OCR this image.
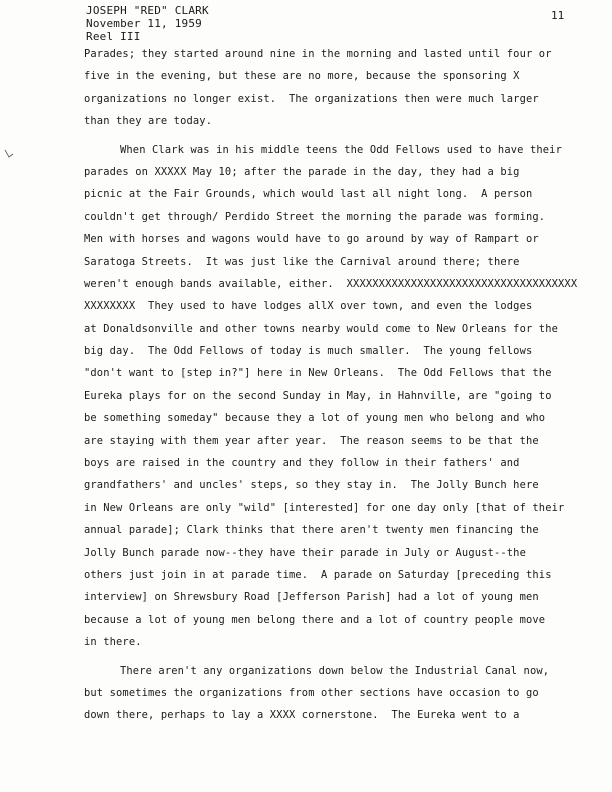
JOSEPH "RED" CLARK
November 11, 1959
Reel III
11
Parades; they started around nine in the morning and lasted until four or
five in the evening, but these are no more, because the sponsoring X
organizations no longer exist.  The organizations then were much larger
than they are today.
When Clark was in his middle teens the Odd Fellows used to have their
parades on XXXXX May 10; after the parade in the day, they had a big
picnic at the Fair Grounds, which would last all night long.  A person
couldn't get through/ Perdido Street the morning the parade was forming.
Men with horses and wagons would have to go around by way of Rampart or
Saratoga Streets.  It was just like the Carnival around there; there
weren't enough bands available, either.  XXXXXXXXXXXXXXXXXXXXXXXXXXXXXXXXXXXX
XXXXXXXX  They used to have lodges allX over town, and even the lodges
at Donaldsonville and other towns nearby would come to New Orleans for the
big day.  The Odd Fellows of today is much smaller.  The young fellows
"don't want to [step in?"] here in New Orleans.  The Odd Fellows that the
Eureka plays for on the second Sunday in May, in Hahnville, are "going to
be something someday" because they a lot of young men who belong and who
are staying with them year after year.  The reason seems to be that the
boys are raised in the country and they follow in their fathers' and
grandfathers' and uncles' steps, so they stay in.  The Jolly Bunch here
in New Orleans are only "wild" [interested] for one day only [that of their
annual parade]; Clark thinks that there aren't twenty men financing the
Jolly Bunch parade now--they have their parade in July or August--the
others just join in at parade time.  A parade on Saturday [preceding this
interview] on Shrewsbury Road [Jefferson Parish] had a lot of young men
because a lot of young men belong there and a lot of country people move
in there.
There aren't any organizations down below the Industrial Canal now,
but sometimes the organizations from other sections have occasion to go
down there, perhaps to lay a XXXX cornerstone.  The Eureka went to a
